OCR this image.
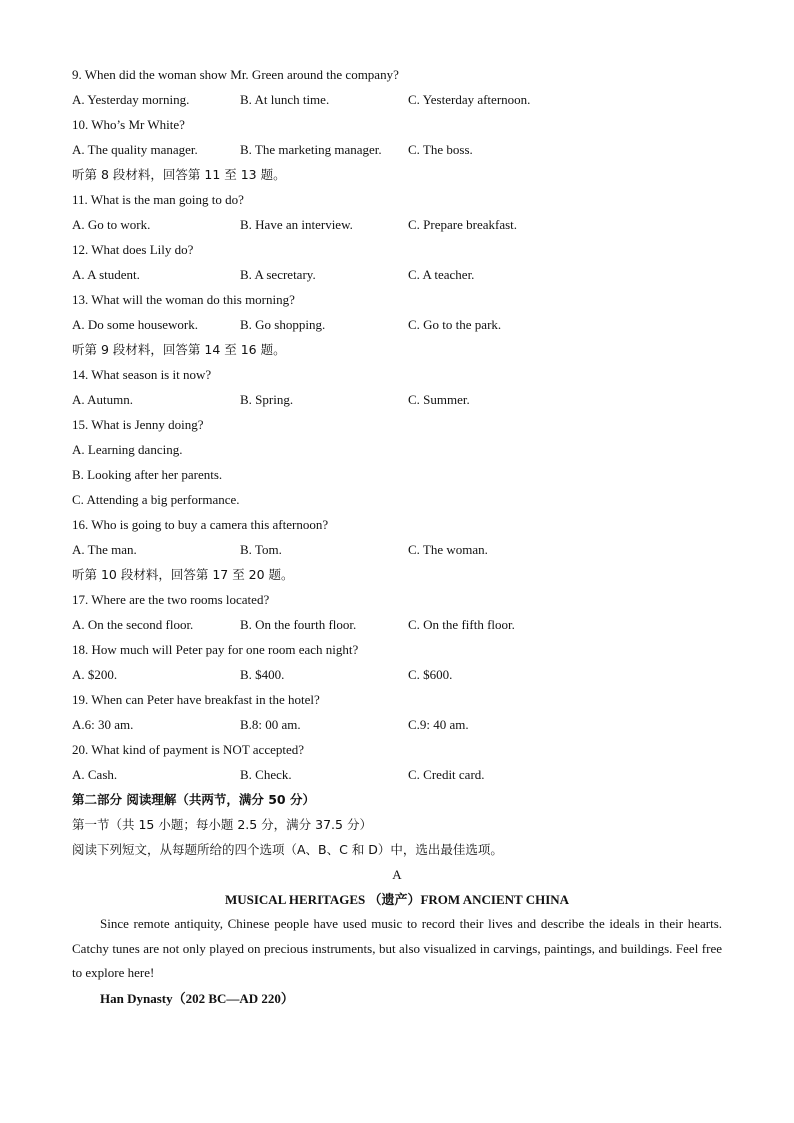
9. When did the woman show Mr. Green around the company?
A. Yesterday morning.	B. At lunch time.	C. Yesterday afternoon.
10. Who’s Mr White?
A. The quality manager.	B. The marketing manager. C. The boss.
听第 8 段材料，回答第 11 至 13 题。
11. What is the man going to do?
A. Go to work.	B. Have an interview.	C. Prepare breakfast.
12. What does Lily do?
A. A student.	B. A secretary.	C. A teacher.
13. What will the woman do this morning?
A. Do some housework.	B. Go shopping.	C. Go to the park.
听第 9 段材料，回答第 14 至 16 题。
14. What season is it now?
A. Autumn.	B. Spring.	C. Summer.
15. What is Jenny doing?
A. Learning dancing.
B. Looking after her parents.
C. Attending a big performance.
16. Who is going to buy a camera this afternoon?
A. The man.	B. Tom.	C. The woman.
听第 10 段材料，回答第 17 至 20 题。
17. Where are the two rooms located?
A. On the second floor.	B. On the fourth floor.	C. On the fifth floor.
18. How much will Peter pay for one room each night?
A. $200.	B. $400.	C. $600.
19. When can Peter have breakfast in the hotel?
A.6: 30 am.	B.8: 00 am.	C.9: 40 am.
20. What kind of payment is NOT accepted?
A. Cash.	B. Check.	C. Credit card.
第二部分 阅读理解（共两节，满分 50 分）
第一节（共 15 小题；每小题 2.5 分，满分 37.5 分）
阅读下列短文，从每题所给的四个选项（A、B、C 和 D）中，选出最佳选项。
A
MUSICAL HERITAGES （遗产）FROM ANCIENT CHINA

Since remote antiquity, Chinese people have used music to record their lives and describe the ideals in their hearts. Catchy tunes are not only played on precious instruments, but also visualized in carvings, paintings, and buildings. Feel free to explore here!

Han Dynasty（202 BC—AD 220）
